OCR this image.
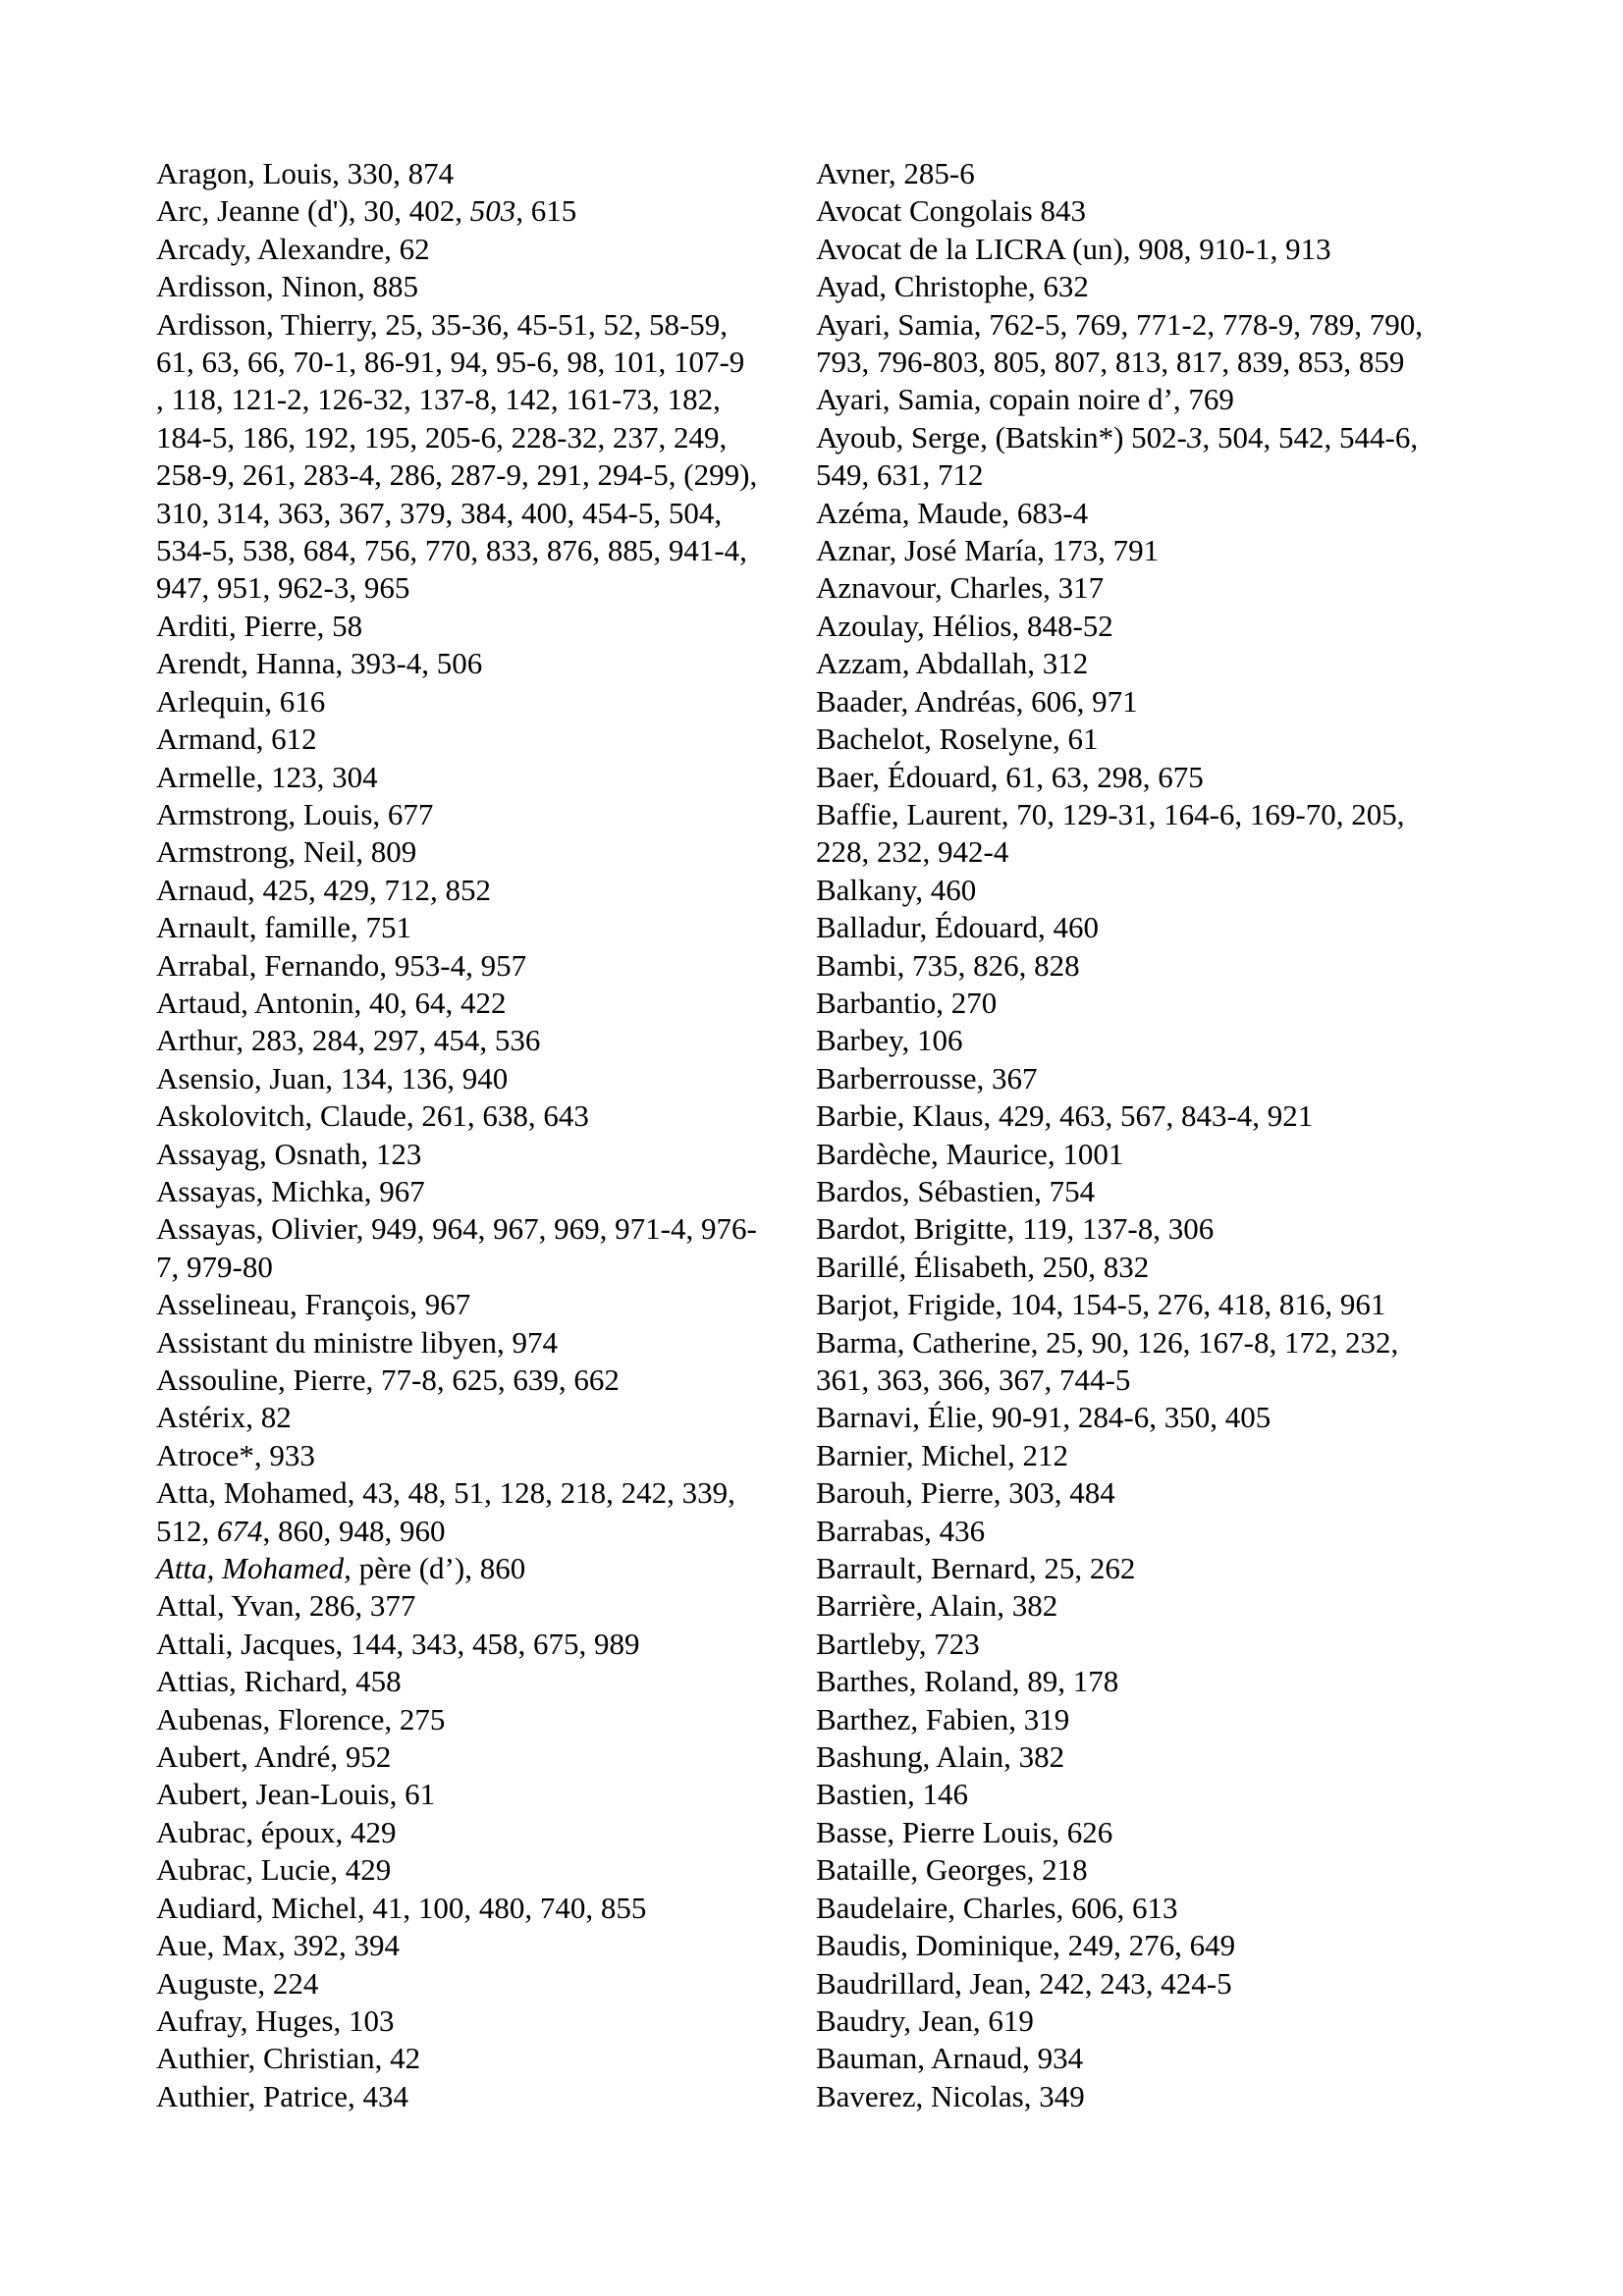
Aragon, Louis, 330, 874
Arc, Jeanne (d'), 30, 402, 503, 615
Arcady, Alexandre, 62
Ardisson, Ninon, 885
Ardisson, Thierry, 25, 35-36, 45-51, 52, 58-59,
61, 63, 66, 70-1, 86-91, 94, 95-6, 98, 101, 107-9
, 118, 121-2, 126-32, 137-8, 142, 161-73, 182,
184-5, 186, 192, 195, 205-6, 228-32, 237, 249,
258-9, 261, 283-4, 286, 287-9, 291, 294-5, (299),
310, 314, 363, 367, 379, 384, 400, 454-5, 504,
534-5, 538, 684, 756, 770, 833, 876, 885, 941-4,
947, 951, 962-3, 965
Arditi, Pierre, 58
Arendt, Hanna, 393-4, 506
Arlequin, 616
Armand, 612
Armelle, 123, 304
Armstrong, Louis, 677
Armstrong, Neil, 809
Arnaud, 425, 429, 712, 852
Arnault, famille, 751
Arrabal, Fernando, 953-4, 957
Artaud, Antonin, 40, 64, 422
Arthur, 283, 284, 297, 454, 536
Asensio, Juan, 134, 136, 940
Askolovitch, Claude, 261, 638, 643
Assayag, Osnath, 123
Assayas, Michka, 967
Assayas, Olivier, 949, 964, 967, 969, 971-4, 976-
7, 979-80
Asselineau, François, 967
Assistant du ministre libyen, 974
Assouline, Pierre, 77-8, 625, 639, 662
Astérix, 82
Atroce*, 933
Atta, Mohamed, 43, 48, 51, 128, 218, 242, 339,
512, 674, 860, 948, 960
Atta, Mohamed, père (d’), 860
Attal, Yvan, 286, 377
Attali, Jacques, 144, 343, 458, 675, 989
Attias, Richard, 458
Aubenas, Florence, 275
Aubert, André, 952
Aubert, Jean-Louis, 61
Aubrac, époux, 429
Aubrac, Lucie, 429
Audiard, Michel, 41, 100, 480, 740, 855
Aue, Max, 392, 394
Auguste, 224
Aufray, Huges, 103
Authier, Christian, 42
Authier, Patrice, 434
Avner, 285-6
Avocat Congolais 843
Avocat de la LICRA (un), 908, 910-1, 913
Ayad, Christophe, 632
Ayari, Samia, 762-5, 769, 771-2, 778-9, 789, 790,
793, 796-803, 805, 807, 813, 817, 839, 853, 859
Ayari, Samia, copain noire d’, 769
Ayoub, Serge, (Batskin*) 502-3, 504, 542, 544-6,
549, 631, 712
Azéma, Maude, 683-4
Aznar, José María, 173, 791
Aznavour, Charles, 317
Azoulay, Hélios, 848-52
Azzam, Abdallah, 312
Baader, Andréas, 606, 971
Bachelot, Roselyne, 61
Baer, Édouard, 61, 63, 298, 675
Baffie, Laurent, 70, 129-31, 164-6, 169-70, 205,
228, 232, 942-4
Balkany, 460
Balladur, Édouard, 460
Bambi, 735, 826, 828
Barbantio, 270
Barbey, 106
Barberrousse, 367
Barbie, Klaus, 429, 463, 567, 843-4, 921
Bardèche, Maurice, 1001
Bardos, Sébastien, 754
Bardot, Brigitte, 119, 137-8, 306
Barillé, Élisabeth, 250, 832
Barjot, Frigide, 104, 154-5, 276, 418, 816, 961
Barma, Catherine, 25, 90, 126, 167-8, 172, 232,
361, 363, 366, 367, 744-5
Barnavi, Élie, 90-91, 284-6, 350, 405
Barnier, Michel, 212
Barouh, Pierre, 303, 484
Barrabas, 436
Barrault, Bernard, 25, 262
Barrière, Alain, 382
Bartleby, 723
Barthes, Roland, 89, 178
Barthez, Fabien, 319
Bashung, Alain, 382
Bastien, 146
Basse, Pierre Louis, 626
Bataille, Georges, 218
Baudelaire, Charles, 606, 613
Baudis, Dominique, 249, 276, 649
Baudrillard, Jean, 242, 243, 424-5
Baudry, Jean, 619
Bauman, Arnaud, 934
Baverez, Nicolas, 349
